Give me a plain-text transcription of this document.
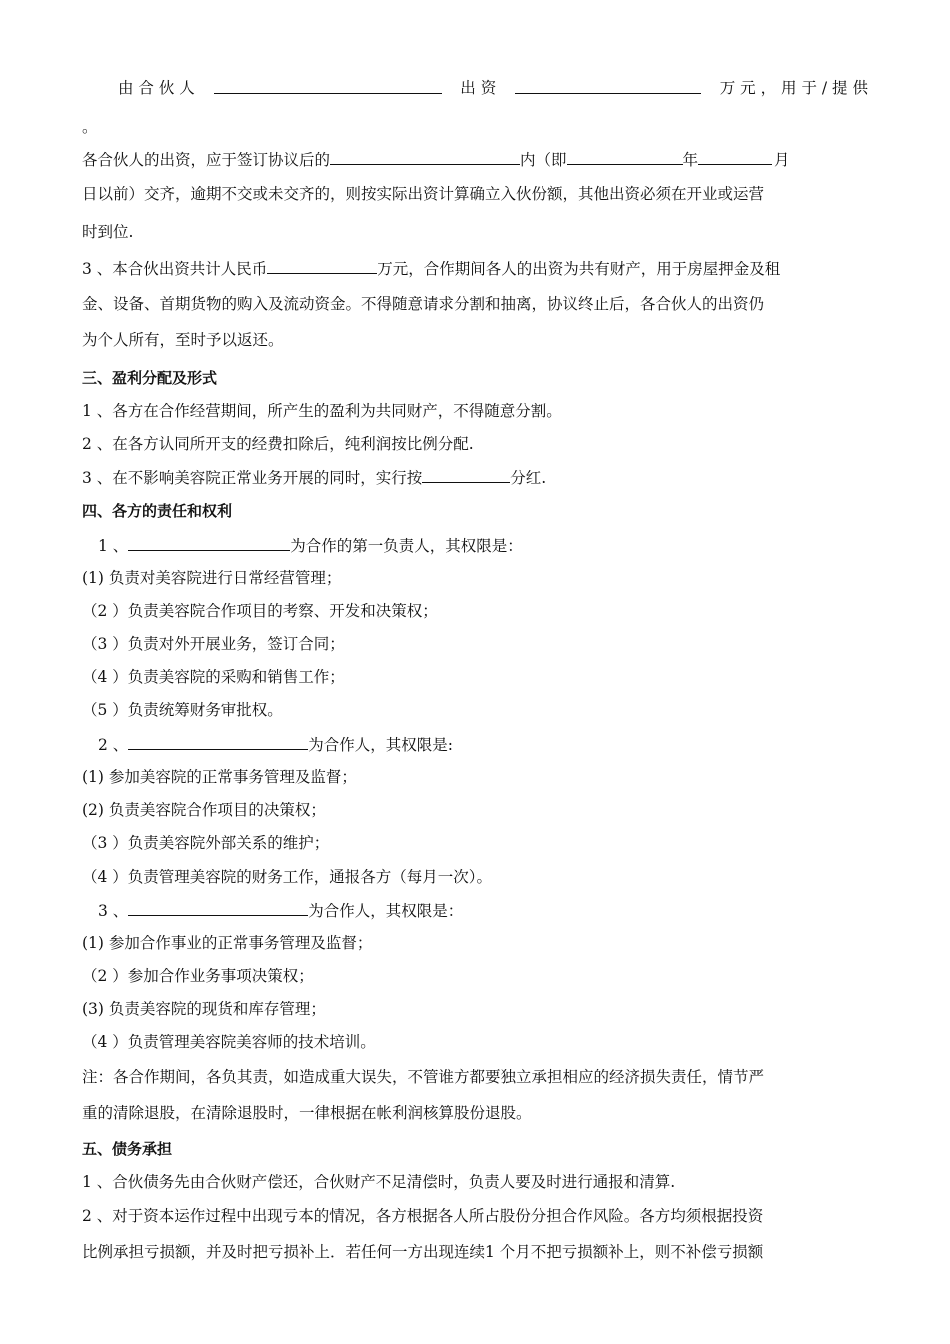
由 合 伙 人	出 资	万 元 ， 用 于 / 提 供
。
各合伙人的出资，应于签订协议后的	内（即	年	月
日以前）交齐，逾期不交或未交齐的，则按实际出资计算确立入伙份额，其他出资必须在开业或运营
时到位.
3 、本合伙出资共计人民币	万元，合作期间各人的出资为共有财产，用于房屋押金及租
金、设备、首期货物的购入及流动资金。不得随意请求分割和抽离，协议终止后，各合伙人的出资仍
为个人所有，至时予以返还。
三、盈利分配及形式
1 、各方在合作经营期间，所产生的盈利为共同财产，不得随意分割。
2 、在各方认同所开支的经费扣除后，纯利润按比例分配.
3 、在不影响美容院正常业务开展的同时，实行按	分红.
四、各方的责任和权利
1 、	为合作的第一负责人，其权限是：
(1) 负责对美容院进行日常经营管理；
（2 ）负责美容院合作项目的考察、开发和决策权；
（3 ）负责对外开展业务，签订合同；
（4 ）负责美容院的采购和销售工作；
（5 ）负责统筹财务审批权。
2 、	为合作人，其权限是:
(1) 参加美容院的正常事务管理及监督；
(2) 负责美容院合作项目的决策权；
（3 ）负责美容院外部关系的维护；
（4 ）负责管理美容院的财务工作，通报各方（每月一次）。
3 、	为合作人，其权限是：
(1) 参加合作事业的正常事务管理及监督；
（2 ）参加合作业务事项决策权；
(3) 负责美容院的现货和库存管理；
（4 ）负责管理美容院美容师的技术培训。
注：各合作期间，各负其责，如造成重大误失，不管谁方都要独立承担相应的经济损失责任，情节严
重的清除退股，在清除退股时，一律根据在帐利润核算股份退股。
五、债务承担
1 、合伙债务先由合伙财产偿还，合伙财产不足清偿时，负责人要及时进行通报和清算.
2 、对于资本运作过程中出现亏本的情况，各方根据各人所占股份分担合作风险。各方均须根据投资
比例承担亏损额，并及时把亏损补上．若任何一方出现连续1 个月不把亏损额补上，则不补偿亏损额
